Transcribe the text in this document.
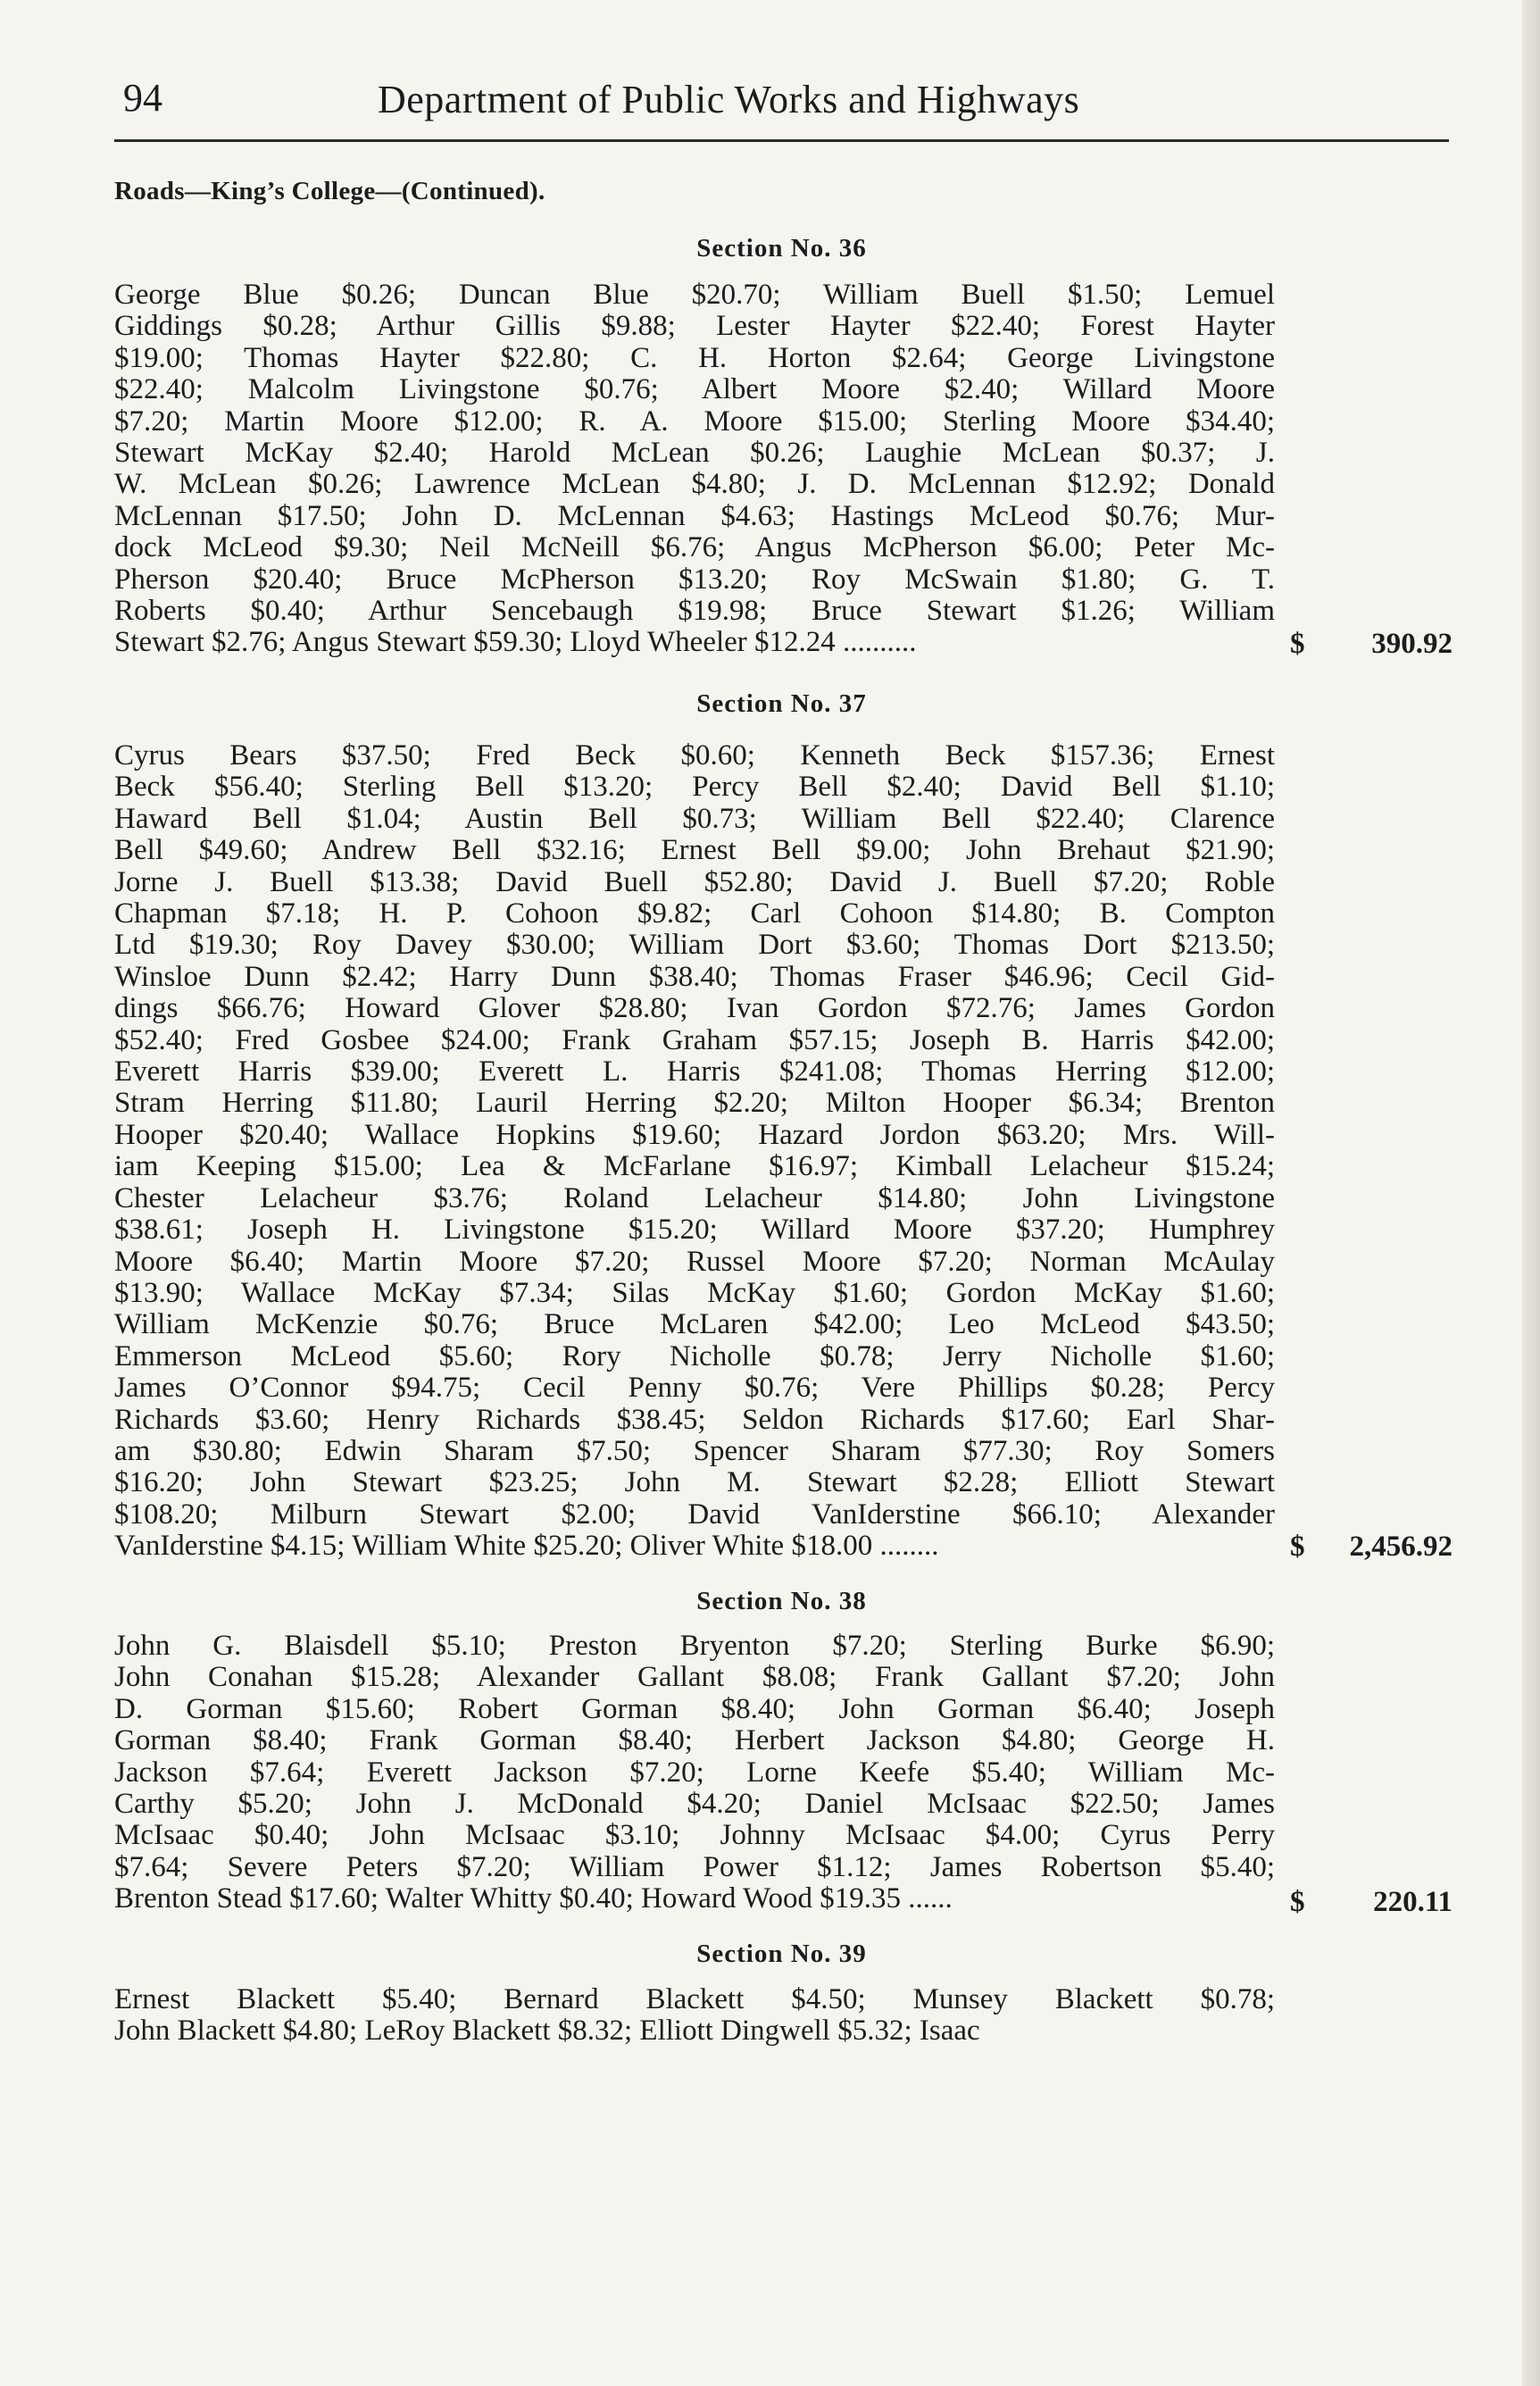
94	Department of Public Works and Highways
Roads—King’s College—(Continued).
Section No. 36
George Blue $0.26; Duncan Blue $20.70; William Buell $1.50; Lemuel
Giddings $0.28; Arthur Gillis $9.88; Lester Hayter $22.40; Forest Hayter
$19.00; Thomas Hayter $22.80; C. H. Horton $2.64; George Livingstone
$22.40; Malcolm Livingstone $0.76; Albert Moore $2.40; Willard Moore
$7.20; Martin Moore $12.00; R. A. Moore $15.00; Sterling Moore $34.40;
Stewart McKay $2.40; Harold McLean $0.26; Laughie McLean $0.37; J.
W. McLean $0.26; Lawrence McLean $4.80; J. D. McLennan $12.92; Donald
McLennan $17.50; John D. McLennan $4.63; Hastings McLeod $0.76; Mur-
dock McLeod $9.30; Neil McNeill $6.76; Angus McPherson $6.00; Peter Mc-
Pherson $20.40; Bruce McPherson $13.20; Roy McSwain $1.80; G. T.
Roberts $0.40; Arthur Sencebaugh $19.98; Bruce Stewart $1.26; William
Stewart $2.76; Angus Stewart $59.30; Lloyd Wheeler $12.24 ..........	$ 390.92
Section No. 37
Cyrus Bears $37.50; Fred Beck $0.60; Kenneth Beck $157.36; Ernest
Beck $56.40; Sterling Bell $13.20; Percy Bell $2.40; David Bell $1.10;
Haward Bell $1.04; Austin Bell $0.73; William Bell $22.40; Clarence
Bell $49.60; Andrew Bell $32.16; Ernest Bell $9.00; John Brehaut $21.90;
Jorne J. Buell $13.38; David Buell $52.80; David J. Buell $7.20; Roble
Chapman $7.18; H. P. Cohoon $9.82; Carl Cohoon $14.80; B. Compton
Ltd $19.30; Roy Davey $30.00; William Dort $3.60; Thomas Dort $213.50;
Winsloe Dunn $2.42; Harry Dunn $38.40; Thomas Fraser $46.96; Cecil Gid-
dings $66.76; Howard Glover $28.80; Ivan Gordon $72.76; James Gordon
$52.40; Fred Gosbee $24.00; Frank Graham $57.15; Joseph B. Harris $42.00;
Everett Harris $39.00; Everett L. Harris $241.08; Thomas Herring $12.00;
Stram Herring $11.80; Lauril Herring $2.20; Milton Hooper $6.34; Brenton
Hooper $20.40; Wallace Hopkins $19.60; Hazard Jordon $63.20; Mrs. Will-
iam Keeping $15.00; Lea & McFarlane $16.97; Kimball Lelacheur $15.24;
Chester Lelacheur $3.76; Roland Lelacheur $14.80; John Livingstone
$38.61; Joseph H. Livingstone $15.20; Willard Moore $37.20; Humphrey
Moore $6.40; Martin Moore $7.20; Russel Moore $7.20; Norman McAulay
$13.90; Wallace McKay $7.34; Silas McKay $1.60; Gordon McKay $1.60;
William McKenzie $0.76; Bruce McLaren $42.00; Leo McLeod $43.50;
Emmerson McLeod $5.60; Rory Nicholle $0.78; Jerry Nicholle $1.60;
James O’Connor $94.75; Cecil Penny $0.76; Vere Phillips $0.28; Percy
Richards $3.60; Henry Richards $38.45; Seldon Richards $17.60; Earl Shar-
am $30.80; Edwin Sharam $7.50; Spencer Sharam $77.30; Roy Somers
$16.20; John Stewart $23.25; John M. Stewart $2.28; Elliott Stewart
$108.20; Milburn Stewart $2.00; David VanIderstine $66.10; Alexander
VanIderstine $4.15; William White $25.20; Oliver White $18.00 ........	$ 2,456.92
Section No. 38
John G. Blaisdell $5.10; Preston Bryenton $7.20; Sterling Burke $6.90;
John Conahan $15.28; Alexander Gallant $8.08; Frank Gallant $7.20; John
D. Gorman $15.60; Robert Gorman $8.40; John Gorman $6.40; Joseph
Gorman $8.40; Frank Gorman $8.40; Herbert Jackson $4.80; George H.
Jackson $7.64; Everett Jackson $7.20; Lorne Keefe $5.40; William Mc-
Carthy $5.20; John J. McDonald $4.20; Daniel McIsaac $22.50; James
McIsaac $0.40; John McIsaac $3.10; Johnny McIsaac $4.00; Cyrus Perry
$7.64; Severe Peters $7.20; William Power $1.12; James Robertson $5.40;
Brenton Stead $17.60; Walter Whitty $0.40; Howard Wood $19.35 ......	$ 220.11
Section No. 39
Ernest Blackett $5.40; Bernard Blackett $4.50; Munsey Blackett $0.78;
John Blackett $4.80; LeRoy Blackett $8.32; Elliott Dingwell $5.32; Isaac
